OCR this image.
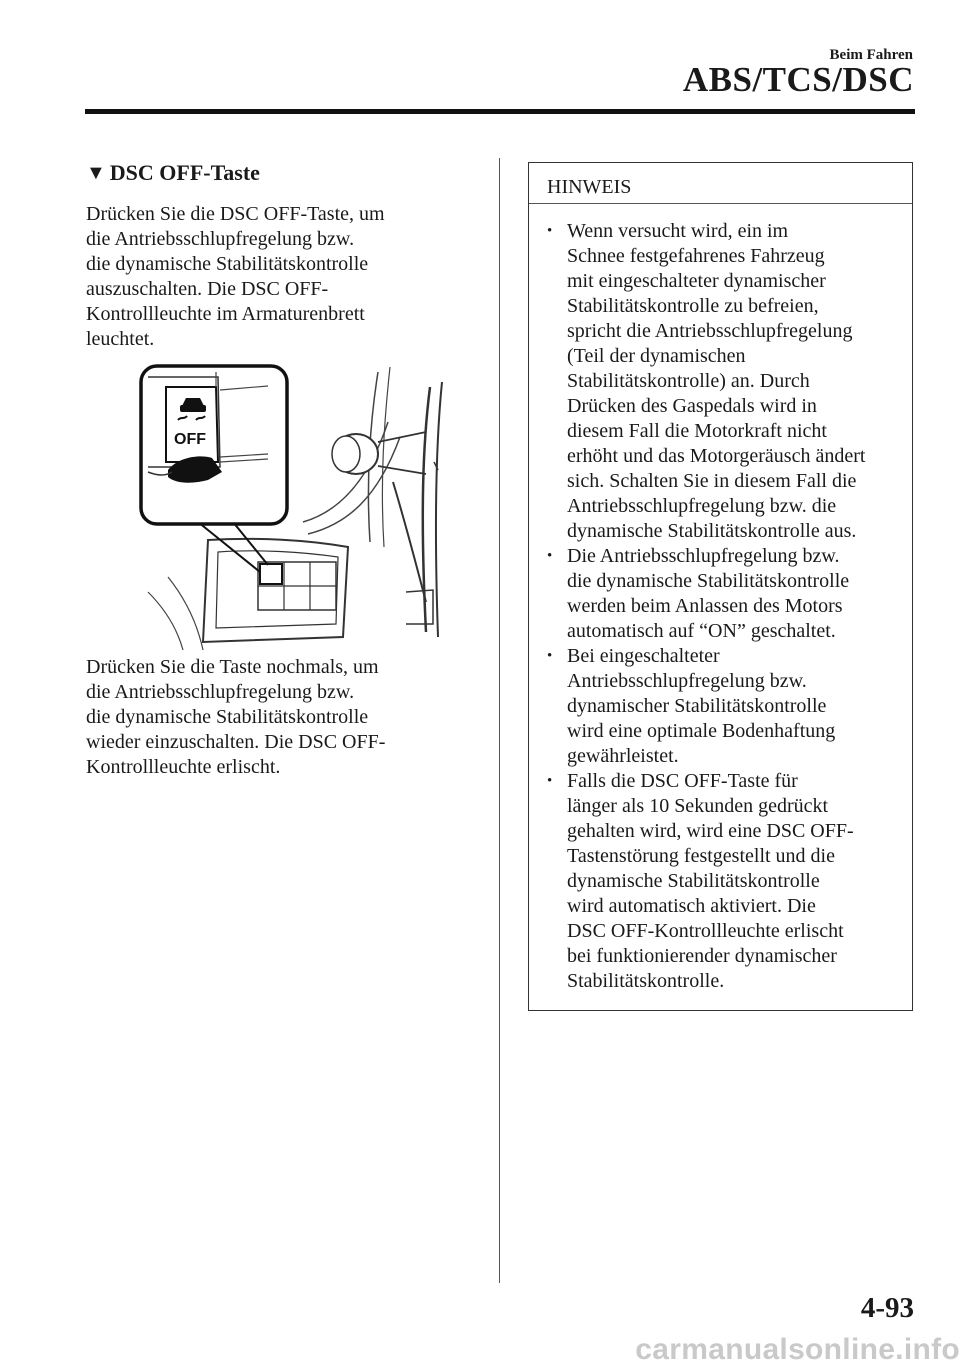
Beim Fahren
ABS/TCS/DSC
▼ DSC OFF-Taste
Drücken Sie die DSC OFF-Taste, um
die Antriebsschlupfregelung bzw.
die dynamische Stabilitätskontrolle
auszuschalten. Die DSC OFF-
Kontrollleuchte im Armaturenbrett
leuchtet.
OFF
Drücken Sie die Taste nochmals, um
die Antriebsschlupfregelung bzw.
die dynamische Stabilitätskontrolle
wieder einzuschalten. Die DSC OFF-
Kontrollleuchte erlischt.
HINWEIS
• Wenn versucht wird, ein im
Schnee festgefahrenes Fahrzeug
mit eingeschalteter dynamischer
Stabilitätskontrolle zu befreien,
spricht die Antriebsschlupfregelung
(Teil der dynamischen
Stabilitätskontrolle) an. Durch
Drücken des Gaspedals wird in
diesem Fall die Motorkraft nicht
erhöht und das Motorgeräusch ändert
sich. Schalten Sie in diesem Fall die
Antriebsschlupfregelung bzw. die
dynamische Stabilitätskontrolle aus.
• Die Antriebsschlupfregelung bzw.
die dynamische Stabilitätskontrolle
werden beim Anlassen des Motors
automatisch auf “ON” geschaltet.
• Bei eingeschalteter
Antriebsschlupfregelung bzw.
dynamischer Stabilitätskontrolle
wird eine optimale Bodenhaftung
gewährleistet.
• Falls die DSC OFF-Taste für
länger als 10 Sekunden gedrückt
gehalten wird, wird eine DSC OFF-
Tastenstörung festgestellt und die
dynamische Stabilitätskontrolle
wird automatisch aktiviert. Die
DSC OFF-Kontrollleuchte erlischt
bei funktionierender dynamischer
Stabilitätskontrolle.
4-93
carmanualsonline.info
